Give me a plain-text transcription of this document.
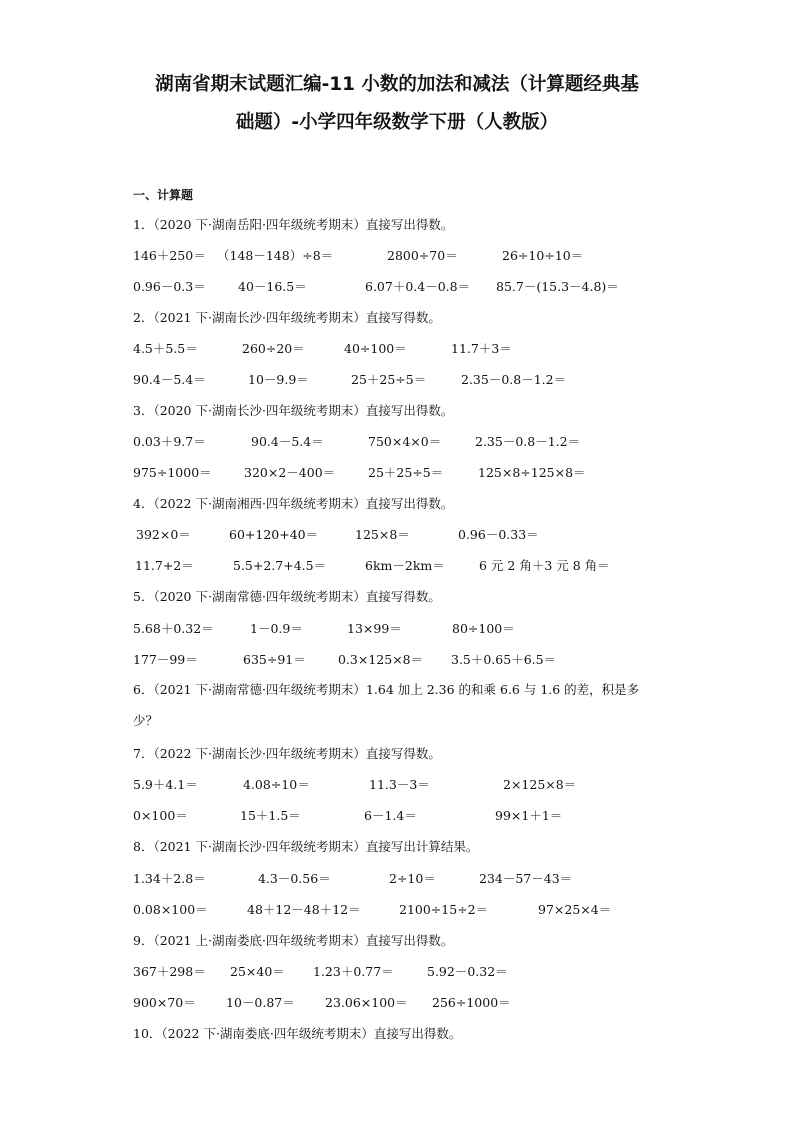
湖南省期末试题汇编-11 小数的加法和减法（计算题经典基
础题）-小学四年级数学下册（人教版）
一、计算题
1．（2020 下·湖南岳阳·四年级统考期末）直接写出得数。
146＋250＝ （148－148）÷8＝	2800÷70＝	26÷10÷10＝
0.96－0.3＝	40－16.5＝	6.07＋0.4－0.8＝ 85.7－(15.3－4.8)＝
2．（2021 下·湖南长沙·四年级统考期末）直接写得数。
4.5＋5.5＝	260÷20＝	40÷100＝	11.7＋3＝
90.4－5.4＝	10－9.9＝	25＋25÷5＝	2.35－0.8－1.2＝
3．（2020 下·湖南长沙·四年级统考期末）直接写出得数。
0.03＋9.7＝	90.4－5.4＝	750×4×0＝	2.35－0.8－1.2＝
975÷1000＝	320×2－400＝	25＋25÷5＝	125×8÷125×8＝
4．（2022 下·湖南湘西·四年级统考期末）直接写出得数。
392×0＝	60+120+40＝	125×8＝	0.96－0.33＝
11.7+2＝	5.5+2.7+4.5＝	6km－2km＝	6 元 2 角＋3 元 8 角＝
5．（2020 下·湖南常德·四年级统考期末）直接写得数。
5.68＋0.32＝	1－0.9＝	13×99＝	80÷100＝
177－99＝	635÷91＝	0.3×125×8＝ 3.5＋0.65＋6.5＝
6．（2021 下·湖南常德·四年级统考期末）1.64 加上 2.36 的和乘 6.6 与 1.6 的差，积是多少？
7．（2022 下·湖南长沙·四年级统考期末）直接写得数。
5.9＋4.1＝	4.08÷10＝	11.3－3＝	2×125×8＝
0×100＝	15＋1.5＝	6－1.4＝	99×1＋1＝
8．（2021 下·湖南长沙·四年级统考期末）直接写出计算结果。
1.34＋2.8＝	4.3－0.56＝	2÷10＝	234－57－43＝
0.08×100＝	48＋12－48＋12＝	2100÷15÷2＝	97×25×4＝
9．（2021 上·湖南娄底·四年级统考期末）直接写出得数。
367＋298＝ 25×40＝ 1.23＋0.77＝	5.92－0.32＝
900×70＝ 10－0.87＝ 23.06×100＝ 256÷1000＝
10．（2022 下·湖南娄底·四年级统考期末）直接写出得数。
